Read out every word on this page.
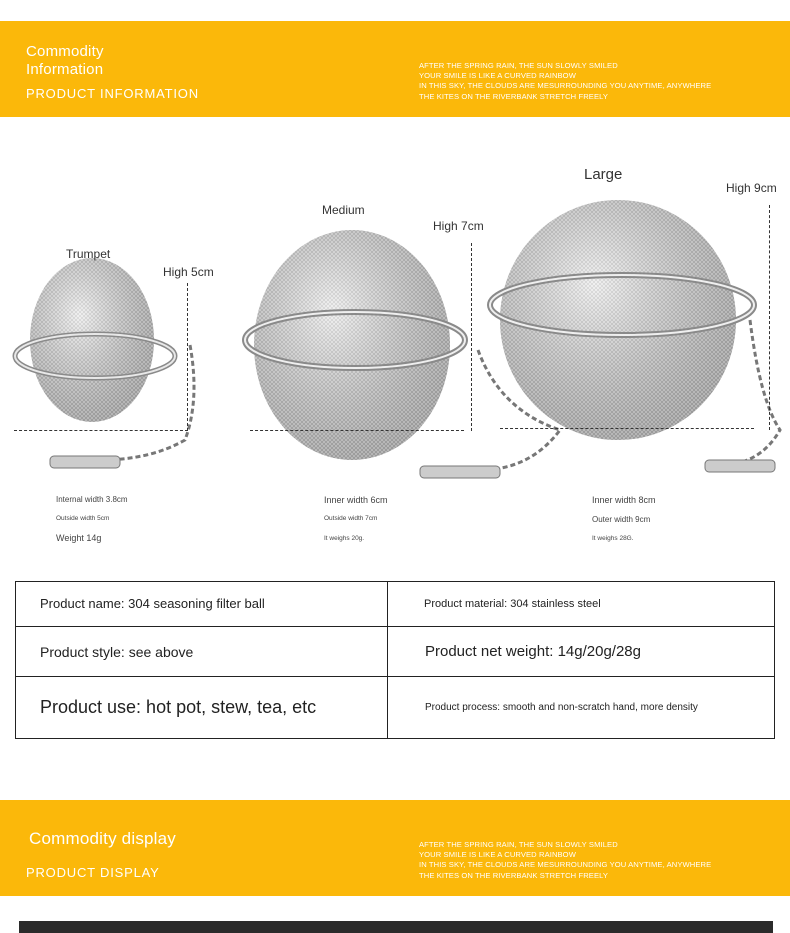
Commodity Information
PRODUCT INFORMATION
AFTER THE SPRING RAIN, THE SUN SLOWLY SMILED
YOUR SMILE IS LIKE A CURVED RAINBOW
IN THIS SKY, THE CLOUDS ARE MESURROUNDING YOU ANYTIME, ANYWHERE
THE KITES ON THE RIVERBANK STRETCH FREELY
Trumpet
High 5cm
Medium
High 7cm
Large
High 9cm
Internal width 3.8cm
Outside width 5cm
Weight 14g
Inner width 6cm
Outside width 7cm
It weighs 20g.
Inner width 8cm
Outer width 9cm
It weighs 28G.
Product name: 304 seasoning filter ball	Product material: 304 stainless steel
Product style: see above	Product net weight: 14g/20g/28g
Product use: hot pot, stew, tea, etc	Product process: smooth and non-scratch hand, more density
Commodity display
PRODUCT DISPLAY
AFTER THE SPRING RAIN, THE SUN SLOWLY SMILED
YOUR SMILE IS LIKE A CURVED RAINBOW
IN THIS SKY, THE CLOUDS ARE MESURROUNDING YOU ANYTIME, ANYWHERE
THE KITES ON THE RIVERBANK STRETCH FREELY
